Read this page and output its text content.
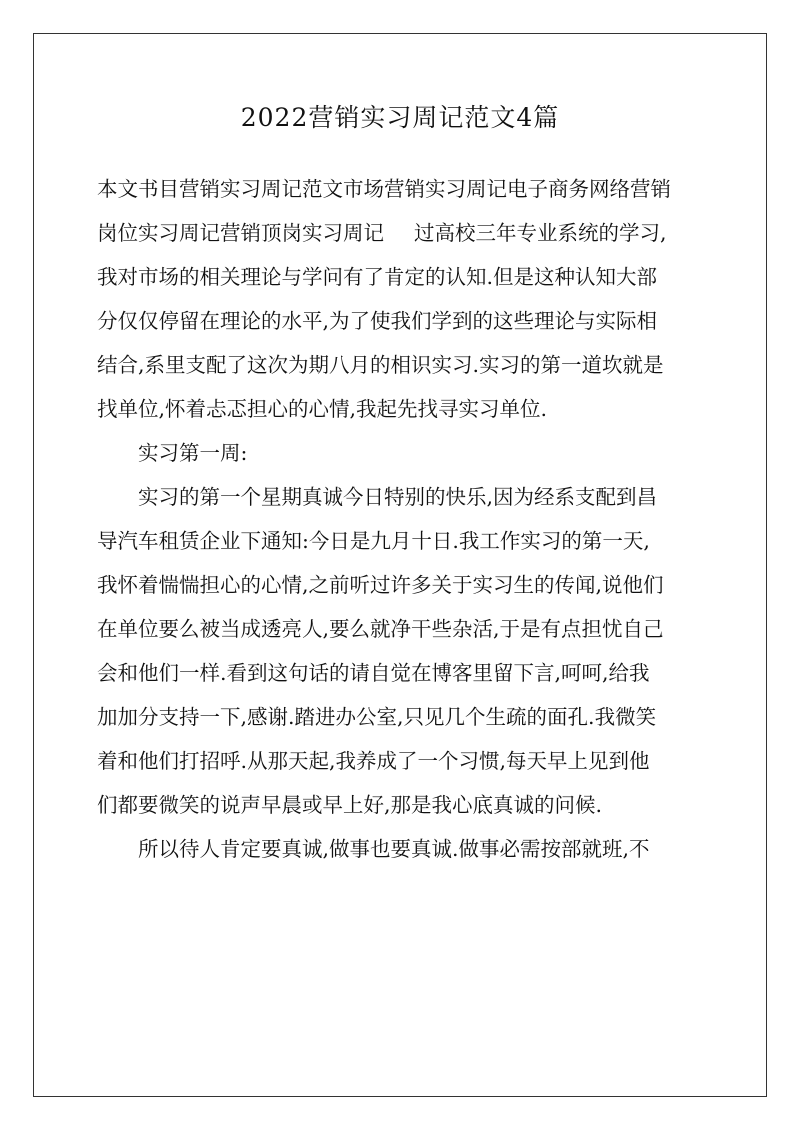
2022营销实习周记范文4篇
本文书目营销实习周记范文市场营销实习周记电子商务网络营销
岗位实习周记营销顶岗实习周记 过高校三年专业系统的学习,
我对市场的相关理论与学问有了肯定的认知.但是这种认知大部
分仅仅停留在理论的水平,为了使我们学到的这些理论与实际相
结合,系里支配了这次为期八月的相识实习.实习的第一道坎就是
找单位,怀着忐忑担心的心情,我起先找寻实习单位.
实习第一周:
实习的第一个星期真诚今日特别的快乐,因为经系支配到昌
导汽车租赁企业下通知:今日是九月十日.我工作实习的第一天,
我怀着惴惴担心的心情,之前听过许多关于实习生的传闻,说他们
在单位要么被当成透亮人,要么就净干些杂活,于是有点担忧自己
会和他们一样.看到这句话的请自觉在博客里留下言,呵呵,给我
加加分支持一下,感谢.踏进办公室,只见几个生疏的面孔.我微笑
着和他们打招呼.从那天起,我养成了一个习惯,每天早上见到他
们都要微笑的说声早晨或早上好,那是我心底真诚的问候.
所以待人肯定要真诚,做事也要真诚.做事必需按部就班,不
